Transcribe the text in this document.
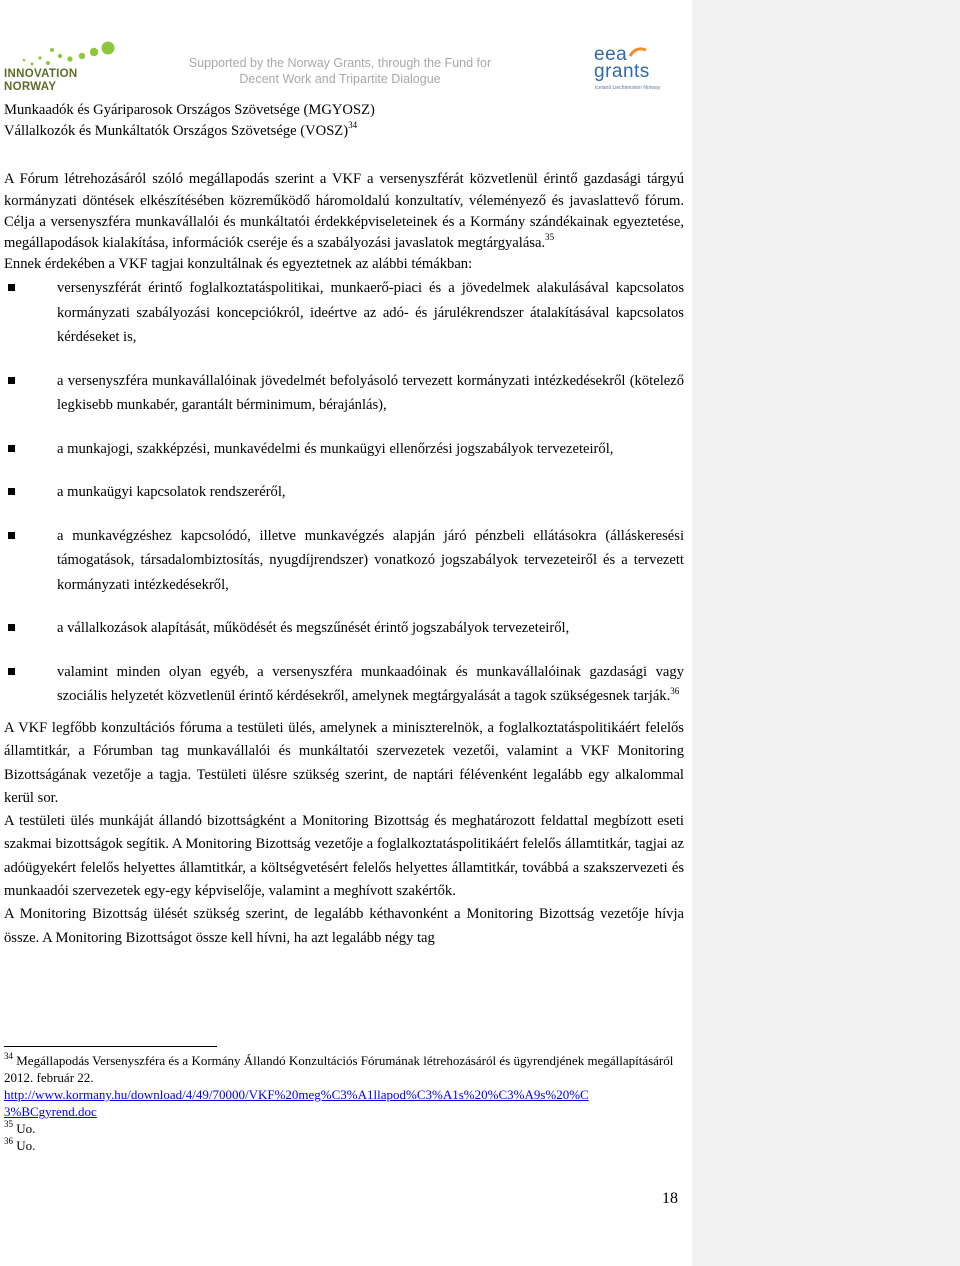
INNOVATION
NORWAY
Supported by the Norway Grants, through the Fund for
Decent Work and Tripartite Dialogue
eea
grants
Iceland Liechtenstein Norway

Munkaadók és Gyáriparosok Országos Szövetsége (MGYOSZ)

Vállalkozók és Munkáltatók Országos Szövetsége (VOSZ)$^{34}$

A Fórum létrehozásáról szóló megállapodás szerint a VKF a versenyszférát közvetlenül érintő gazdasági tárgyú kormányzati döntések elkészítésében közreműködő háromoldalú konzultatív, véleményező és javaslattevő fórum. Célja a versenyszféra munkavállalói és munkáltatói érdekképviseleteinek és a Kormány szándékainak egyeztetése, megállapodások kialakítása, információk cseréje és a szabályozási javaslatok megtárgyalása.$^{35}$

Ennek érdekében a VKF tagjai konzultálnak és egyeztetnek az alábbi témákban:

versenyszférát érintő foglalkoztatáspolitikai, munkaerő-piaci és a jövedelmek alakulásával kapcsolatos kormányzati szabályozási koncepciókról, ideértve az adó- és járulékrendszer átalakításával kapcsolatos kérdéseket is,
a versenyszféra munkavállalóinak jövedelmét befolyásoló tervezett kormányzati intézkedésekről (kötelező legkisebb munkabér, garantált bérminimum, bérajánlás),
a munkajogi, szakképzési, munkavédelmi és munkaügyi ellenőrzési jogszabályok tervezeteiről,
a munkaügyi kapcsolatok rendszeréről,
a munkavégzéshez kapcsolódó, illetve munkavégzés alapján járó pénzbeli ellátásokra (álláskeresési támogatások, társadalombiztosítás, nyugdíjrendszer) vonatkozó jogszabályok tervezeteiről és a tervezett kormányzati intézkedésekről,
a vállalkozások alapítását, működését és megszűnését érintő jogszabályok tervezeteiről,
valamint minden olyan egyéb, a versenyszféra munkaadóinak és munkavállalóinak gazdasági vagy szociális helyzetét közvetlenül érintő kérdésekről, amelynek megtárgyalását a tagok szükségesnek tarják.$^{36}$

A VKF legfőbb konzultációs fóruma a testületi ülés, amelynek a miniszterelnök, a foglalkoztatáspolitikáért felelős államtitkár, a Fórumban tag munkavállalói és munkáltatói szervezetek vezetői, valamint a VKF Monitoring Bizottságának vezetője a tagja. Testületi ülésre szükség szerint, de naptári félévenként legalább egy alkalommal kerül sor.

A testületi ülés munkáját állandó bizottságként a Monitoring Bizottság és meghatározott feldattal megbízott eseti szakmai bizottságok segítik. A Monitoring Bizottság vezetője a foglalkoztatáspolitikáért felelős államtitkár, tagjai az adóügyekért felelős helyettes államtitkár, a költségvetésért felelős helyettes államtitkár, továbbá a szakszervezeti és munkaadói szervezetek egy-egy képviselője, valamint a meghívott szakértők.

A Monitoring Bizottság ülését szükség szerint, de legalább kéthavonként a Monitoring Bizottság vezetője hívja össze. A Monitoring Bizottságot össze kell hívni, ha azt legalább négy tag

$^{34}$ Megállapodás Versenyszféra és a Kormány Állandó Konzultációs Fórumának létrehozásáról és ügyrendjének megállapításáról 2012. február 22.

http://www.kormany.hu/download/4/49/70000/VKF%20meg%C3%A1llapod%C3%A1s%20%C3%A9s%20%C

3%BCgyrend.doc

$^{35}$ Uo.

$^{36}$ Uo.

18
